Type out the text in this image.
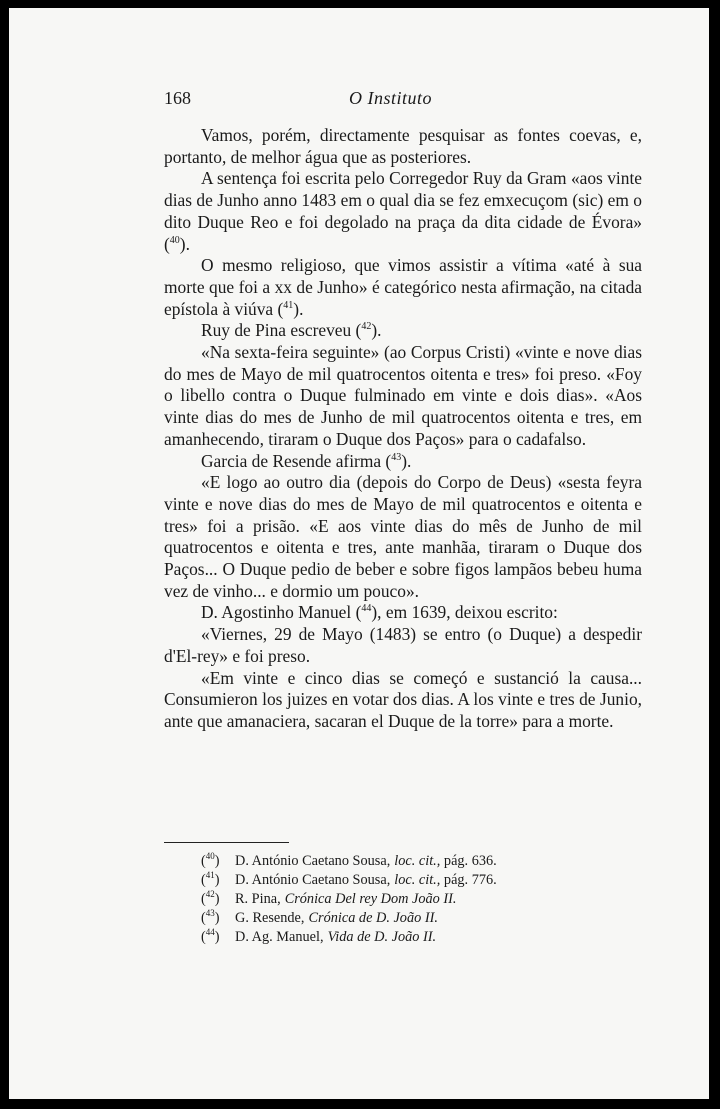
168	O Instituto

Vamos, porém, directamente pesquisar as fontes coevas, e, portanto, de melhor água que as posteriores.

A sentença foi escrita pelo Corregedor Ruy da Gram «aos vinte dias de Junho anno 1483 em o qual dia se fez emxecuçom (sic) em o dito Duque Reo e foi degolado na praça da dita cidade de Évora» ($^{40}$).

O mesmo religioso, que vimos assistir a vítima «até à sua morte que foi a xx de Junho» é categórico nesta afirmação, na citada epístola à viúva ($^{41}$).

Ruy de Pina escreveu ($^{42}$).

«Na sexta-feira seguinte» (ao Corpus Cristi) «vinte e nove dias do mes de Mayo de mil quatrocentos oitenta e tres» foi preso. «Foy o libello contra o Duque fulminado em vinte e dois dias». «Aos vinte dias do mes de Junho de mil quatrocentos oitenta e tres, em amanhecendo, tiraram o Duque dos Paços» para o cadafalso.

Garcia de Resende afirma ($^{43}$).

«E logo ao outro dia (depois do Corpo de Deus) «sesta feyra vinte e nove dias do mes de Mayo de mil quatrocentos e oitenta e tres» foi a prisão. «E aos vinte dias do mês de Junho de mil quatrocentos e oitenta e tres, ante manhãa, tiraram o Duque dos Paços... O Duque pedio de beber e sobre figos lampãos bebeu huma vez de vinho... e dormio um pouco».

D. Agostinho Manuel ($^{44}$), em 1639, deixou escrito:

«Viernes, 29 de Mayo (1483) se entro (o Duque) a despedir d'El-rey» e foi preso.

«Em vinte e cinco dias se começó e sustanció la causa... Consumieron los juizes en votar dos dias. A los vinte e tres de Junio, ante que amanaciera, sacaran el Duque de la torre» para a morte.

($^{40}$) D. António Caetano Sousa, loc. cit., pág. 636.
($^{41}$) D. António Caetano Sousa, loc. cit., pág. 776.
($^{42}$) R. Pina, Crónica Del rey Dom João II.
($^{43}$) G. Resende, Crónica de D. João II.
($^{44}$) D. Ag. Manuel, Vida de D. João II.
